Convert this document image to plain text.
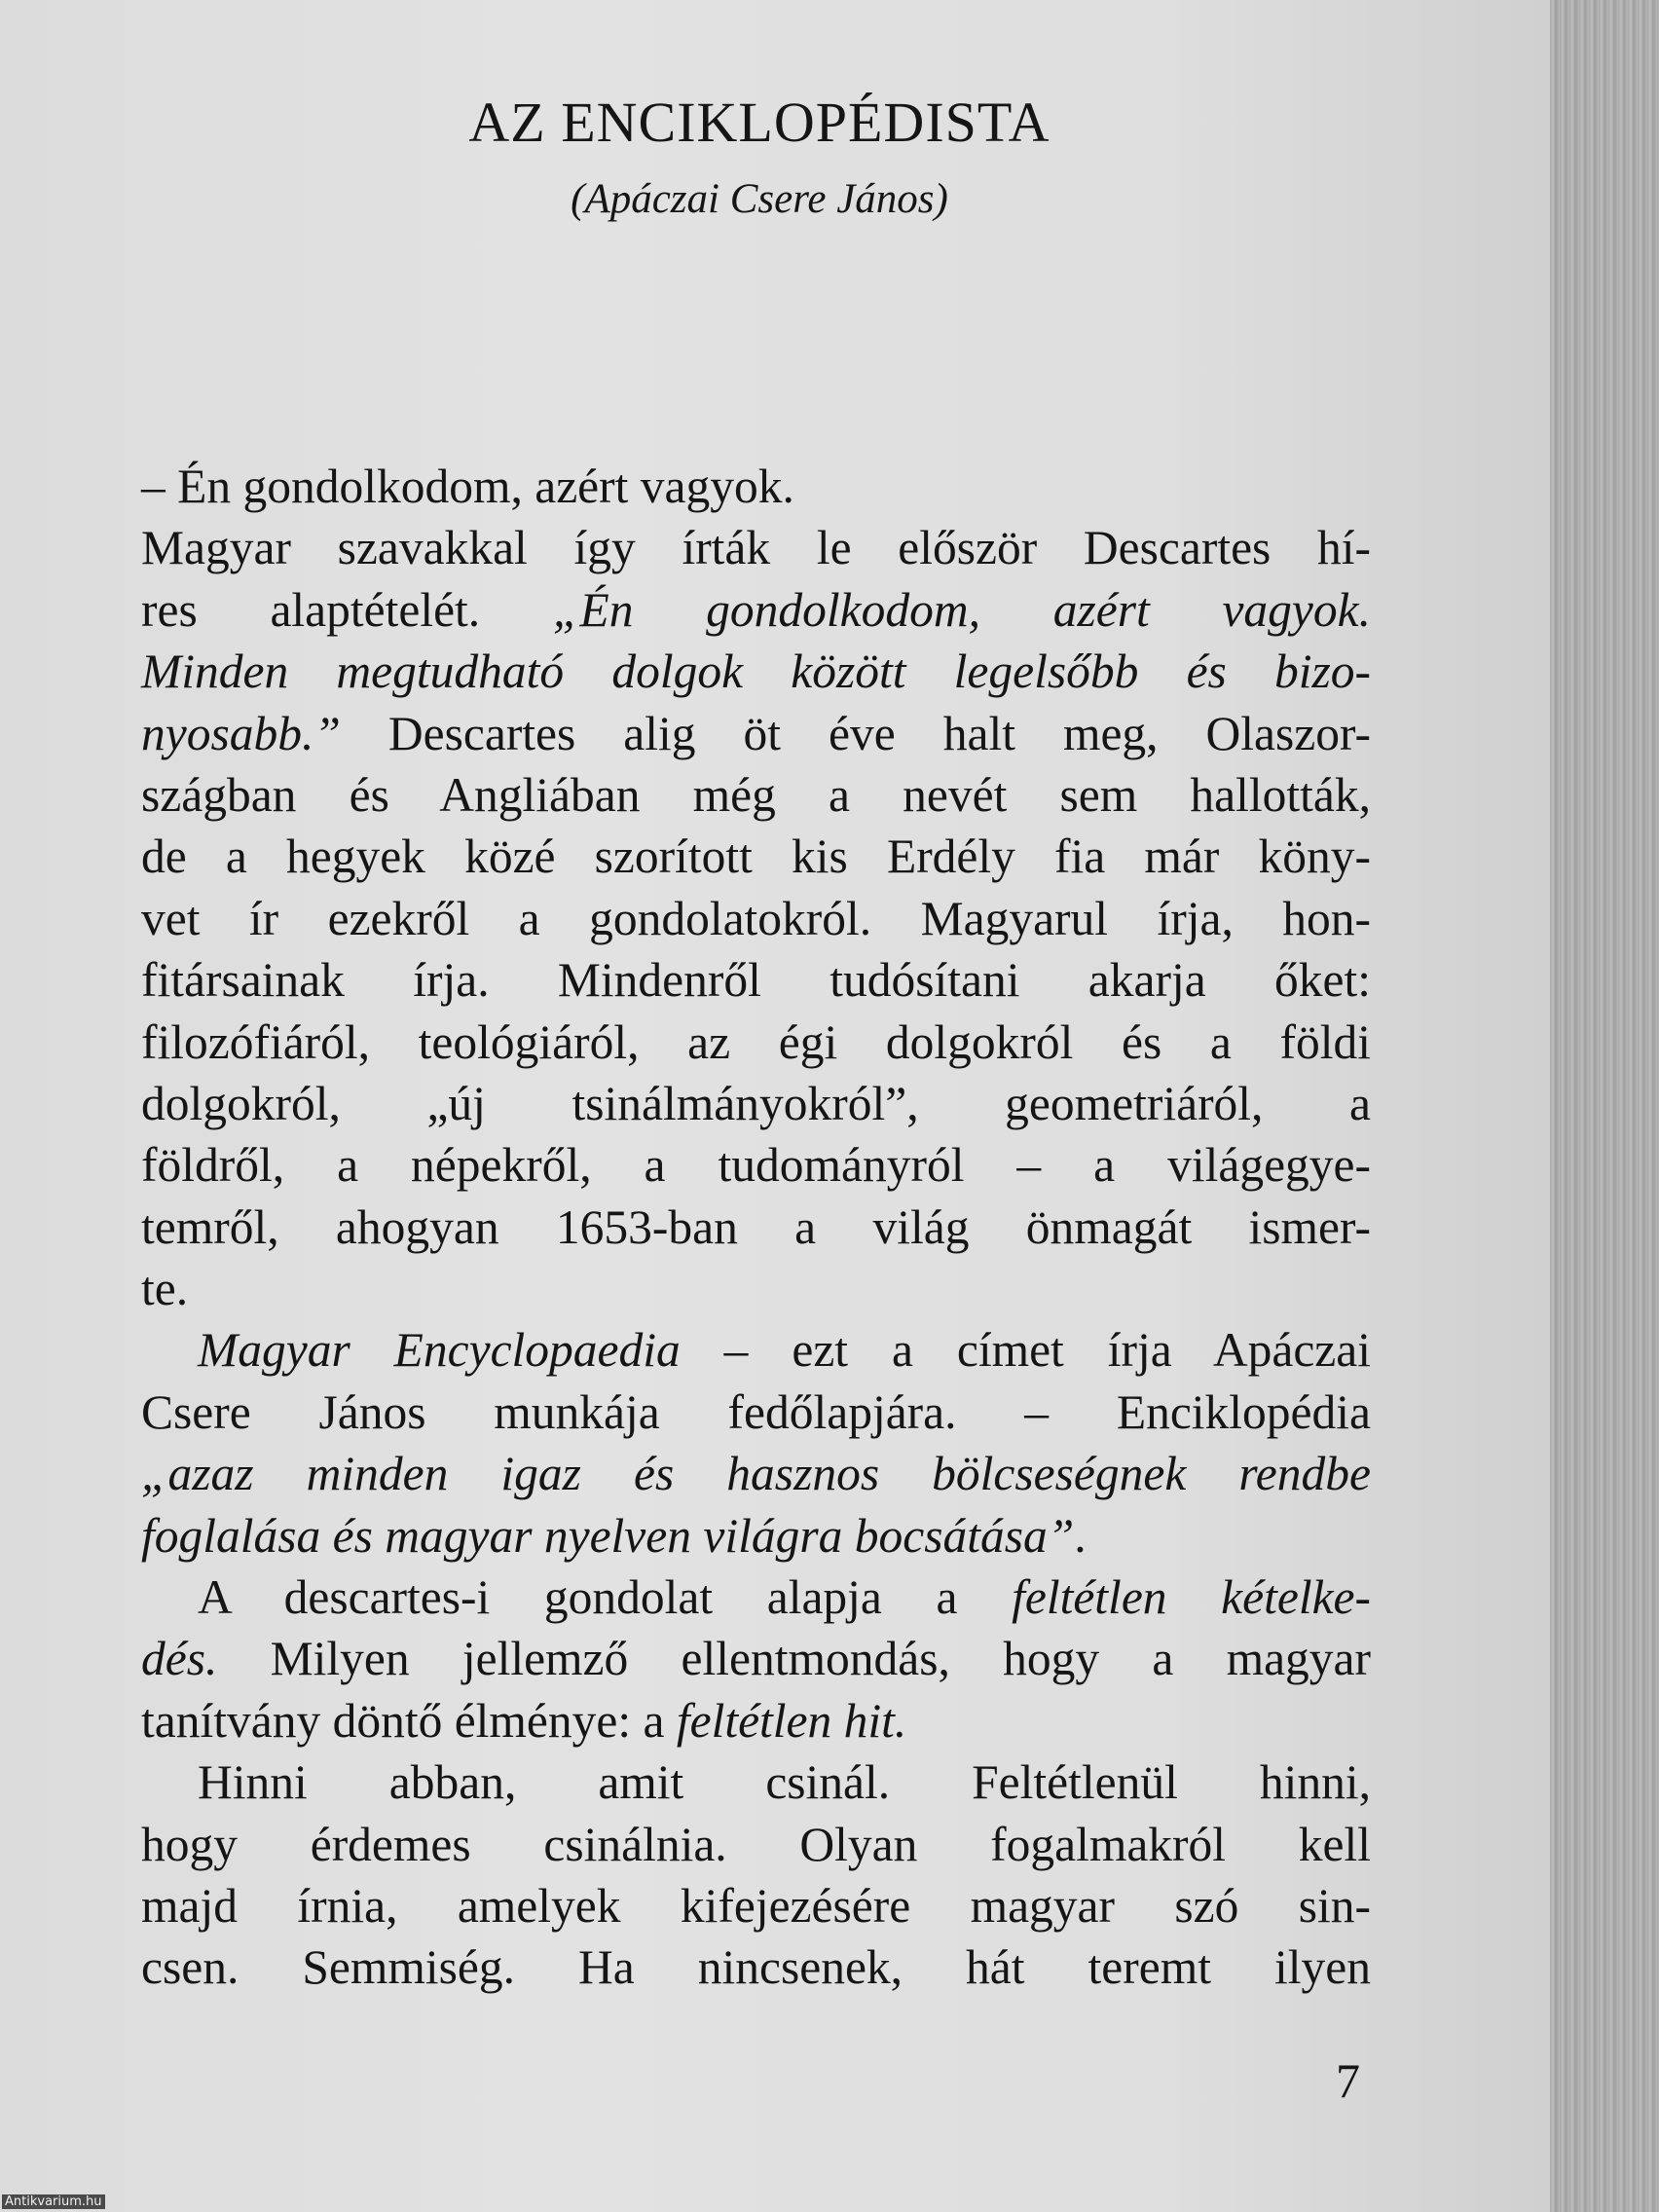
AZ ENCIKLOPÉDISTA

(Apáczai Csere János)

– Én gondolkodom, azért vagyok.
Magyar szavakkal így írták le először Descartes hí-
res alaptételét. „Én gondolkodom, azért vagyok.
Minden megtudható dolgok között legelsőbb és bizo-
nyosabb.” Descartes alig öt éve halt meg, Olaszor-
szágban és Angliában még a nevét sem hallották,
de a hegyek közé szorított kis Erdély fia már köny-
vet ír ezekről a gondolatokról. Magyarul írja, hon-
fitársainak írja. Mindenről tudósítani akarja őket:
filozófiáról, teológiáról, az égi dolgokról és a földi
dolgokról, „új tsinálmányokról”, geometriáról, a
földről, a népekről, a tudományról – a világegye-
temről, ahogyan 1653-ban a világ önmagát ismer-
te.
Magyar Encyclopaedia – ezt a címet írja Apáczai
Csere János munkája fedőlapjára. – Enciklopédia
„azaz minden igaz és hasznos bölcseségnek rendbe
foglalása és magyar nyelven világra bocsátása”.
A descartes-i gondolat alapja a feltétlen kételke-
dés. Milyen jellemző ellentmondás, hogy a magyar
tanítvány döntő élménye: a feltétlen hit.
Hinni abban, amit csinál. Feltétlenül hinni,
hogy érdemes csinálnia. Olyan fogalmakról kell
majd írnia, amelyek kifejezésére magyar szó sin-
csen. Semmiség. Ha nincsenek, hát teremt ilyen
7
Antikvarium.hu
